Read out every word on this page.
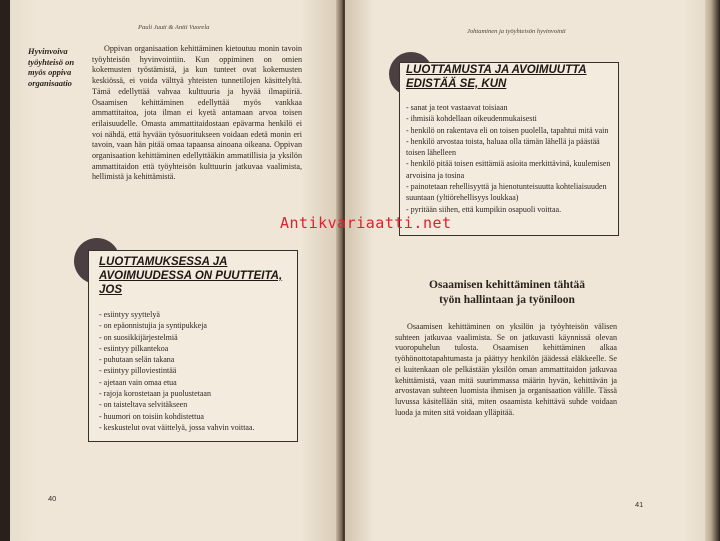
Pauli Juuti & Antti Vuorela
Hyvinvoiva
työyhteisö on
myös oppiva
organisaatio

Oppivan organisaation kehittäminen kietoutuu monin tavoin työyhteisön hyvinvointiin. Kun oppiminen on omien kokemusten työstämistä, ja kun tunteet ovat kokemusten keskiössä, ei voida välttyä yhteisten tunnetilojen käsittelyltä. Tämä edellyttää vahvaa kulttuuria ja hyvää ilmapiiriä. Osaamisen kehittäminen edellyttää myös vankkaa ammattitaitoa, jota ilman ei kyetä antamaan arvoa toisen erilaisuudelle. Omasta ammattitaidostaan epävarma henkilö ei voi nähdä, että hyvään työsuoritukseen voidaan edetä monin eri tavoin, vaan hän pitää omaa tapaansa ainoana oikeana. Oppivan organisaation kehittäminen edellyttääkin ammatillisia ja yksilön ammattitaidon että työyhteisön kulttuurin jatkuvaa vaalimista, hellimistä ja kehittämistä.

LUOTTAMUKSESSA JA
AVOIMUUDESSA ON PUUTTEITA,
JOS
- esiintyy syyttelyä
- on epäonnistujia ja syntipukkeja
- on suosikkijärjestelmiä
- esiintyy pilkantekoa
- puhutaan selän takana
- esiintyy pilloviestintää
- ajetaan vain omaa etua
- rajoja korostetaan ja puolustetaan
- on taisteltava selvitäkseen
- huumori on toisiin kohdistettua
- keskustelut ovat väittelyä, jossa vahvin voittaa.
40
Johtaminen ja työyhteisön hyvinvointi
LUOTTAMUSTA JA AVOIMUUTTA
EDISTÄÄ SE, KUN
- sanat ja teot vastaavat toisiaan
- ihmisiä kohdellaan oikeudenmukaisesti
- henkilö on rakentava eli on toisen puolella, tapahtui mitä vain
- henkilö arvostaa toista, haluaa olla tämän lähellä ja päästää toisen lähelleen
- henkilö pitää toisen esittämiä asioita merkittävinä, kuulemisen arvoisina ja tosina
- painotetaan rehellisyyttä ja hienotunteisuutta kohteliaisuuden suuntaan (yltiörehellisyys loukkaa)
- pyritään siihen, että kumpikin osapuoli voittaa.
Osaamisen kehittäminen tähtää
työn hallintaan ja työniloon

Osaamisen kehittäminen on yksilön ja työyhteisön välisen suhteen jatkuvaa vaalimista. Se on jatkuvasti käynnissä olevan vuoropuhelun tulosta. Osaamisen kehittäminen alkaa työhönottotapahtumasta ja päättyy henkilön jäädessä eläkkeelle. Se ei kuitenkaan ole pelkästään yksilön oman ammattitaidon jatkuvaa kehittämistä, vaan mitä suurimmassa määrin hyvän, kehittävän ja arvostavan suhteen luomista ihmisen ja organisaation välille. Tässä luvussa käsitellään sitä, miten osaamista kehittävä suhde voidaan luoda ja miten sitä voidaan ylläpitää.

41
Antikvariaatti.net
